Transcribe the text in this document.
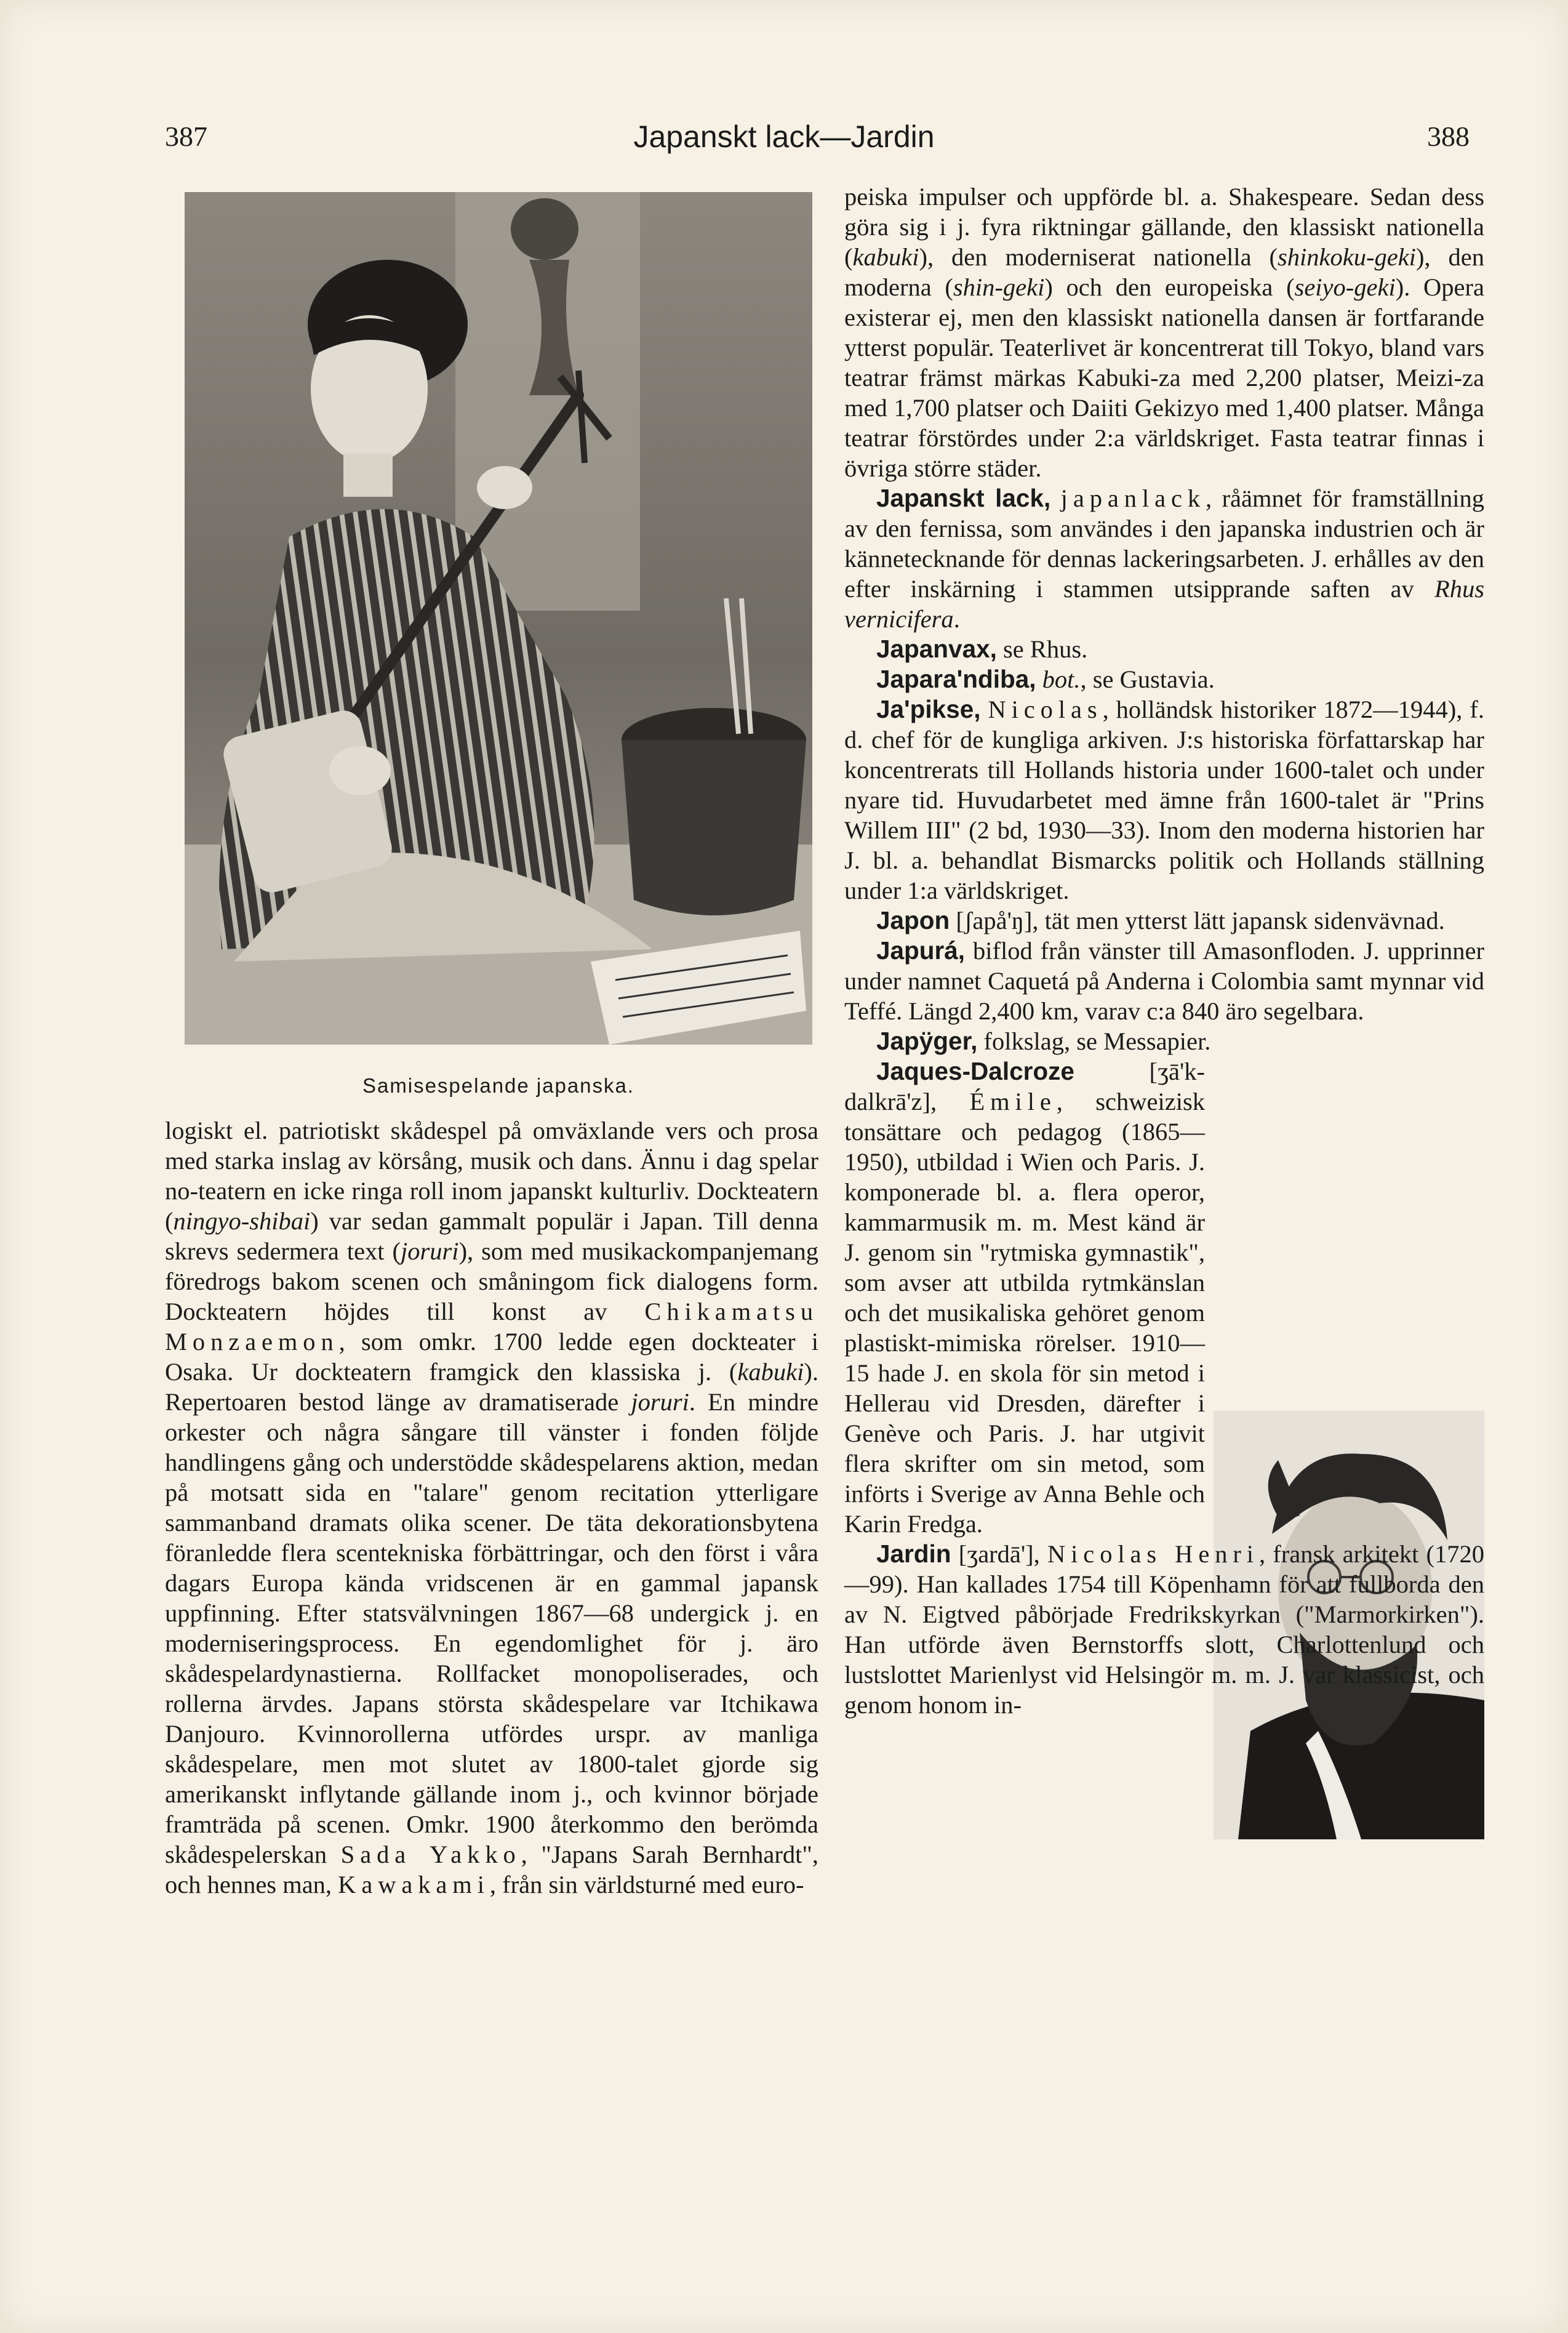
387	Japanskt lack—Jardin	388
Samisespelande japanska.

logiskt el. patriotiskt skådespel på omväxlande vers och prosa med starka inslag av körsång, musik och dans. Ännu i dag spelar no-teatern en icke ringa roll inom japanskt kulturliv. Dockteatern (ningyo-shibai) var sedan gammalt populär i Japan. Till denna skrevs sedermera text (joruri), som med musikackompanjemang föredrogs bakom scenen och småningom fick dialogens form. Dockteatern höjdes till konst av Chikamatsu Monzaemon, som omkr. 1700 ledde egen dockteater i Osaka. Ur dockteatern framgick den klassiska j. (kabuki). Repertoaren bestod länge av dramatiserade joruri. En mindre orkester och några sångare till vänster i fonden följde handlingens gång och understödde skådespelarens aktion, medan på motsatt sida en "talare" genom recitation ytterligare sammanband dramats olika scener. De täta dekorationsbytena föranledde flera scentekniska förbättringar, och den först i våra dagars Europa kända vridscenen är en gammal japansk uppfinning. Efter statsvälvningen 1867—68 undergick j. en moderniseringsprocess. En egendomlighet för j. äro skådespelardynastierna. Rollfacket monopoliserades, och rollerna ärvdes. Japans största skådespelare var Itchikawa Danjouro. Kvinnorollerna utfördes urspr. av manliga skådespelare, men mot slutet av 1800-talet gjorde sig amerikanskt inflytande gällande inom j., och kvinnor började framträda på scenen. Omkr. 1900 återkommo den berömda skådespelerskan Sada Yakko, "Japans Sarah Bernhardt", och hennes man, Kawakami, från sin världsturné med euro-

peiska impulser och uppförde bl. a. Shakespeare. Sedan dess göra sig i j. fyra riktningar gällande, den klassiskt nationella (kabuki), den moderniserat nationella (shinkoku-geki), den moderna (shin-geki) och den europeiska (seiyo-geki). Opera existerar ej, men den klassiskt nationella dansen är fortfarande ytterst populär. Teaterlivet är koncentrerat till Tokyo, bland vars teatrar främst märkas Kabuki-za med 2,200 platser, Meizi-za med 1,700 platser och Daiiti Gekizyo med 1,400 platser. Många teatrar förstördes under 2:a världskriget. Fasta teatrar finnas i övriga större städer.

Japanskt lack, japanlack, råämnet för framställning av den fernissa, som användes i den japanska industrien och är kännetecknande för dennas lackeringsarbeten. J. erhålles av den efter inskärning i stammen utsipprande saften av Rhus vernicifera.

Japanvax, se Rhus.

Japara'ndiba, bot., se Gustavia.

Ja'pikse, Nicolas, holländsk historiker 1872—1944), f. d. chef för de kungliga arkiven. J:s historiska författarskap har koncentrerats till Hollands historia under 1600-talet och under nyare tid. Huvudarbetet med ämne från 1600-talet är "Prins Willem III" (2 bd, 1930—33). Inom den moderna historien har J. bl. a. behandlat Bismarcks politik och Hollands ställning under 1:a världskriget.

Japon [ʃapå'ŋ], tät men ytterst lätt japansk sidenvävnad.

Japurá, biflod från vänster till Amasonfloden. J. upprinner under namnet Caquetá på Anderna i Colombia samt mynnar vid Teffé. Längd 2,400 km, varav c:a 840 äro segelbara.

Japÿger, folkslag, se Messapier.

Jaques-Dalcroze [ʒā'k-dalkrā'z], Émile, schweizisk tonsättare och pedagog (1865—1950), utbildad i Wien och Paris. J. komponerade bl. a. flera operor, kammarmusik m. m. Mest känd är J. genom sin "rytmiska gymnastik", som avser att utbilda rytmkänslan och det musikaliska gehöret genom plastiskt-mimiska rörelser. 1910—15 hade J. en skola för sin metod i Hellerau vid Dresden, därefter i Genève och Paris. J. har utgivit flera skrifter om sin metod, som införts i Sverige av Anna Behle och Karin Fredga.

Jardin [ʒardā'], Nicolas Henri, fransk arkitekt (1720—99). Han kallades 1754 till Köpenhamn för att fullborda den av N. Eigtved påbörjade Fredrikskyrkan ("Marmorkirken"). Han utförde även Bernstorffs slott, Charlottenlund och lustslottet Marienlyst vid Helsingör m. m. J. var klassicist, och genom honom in-
